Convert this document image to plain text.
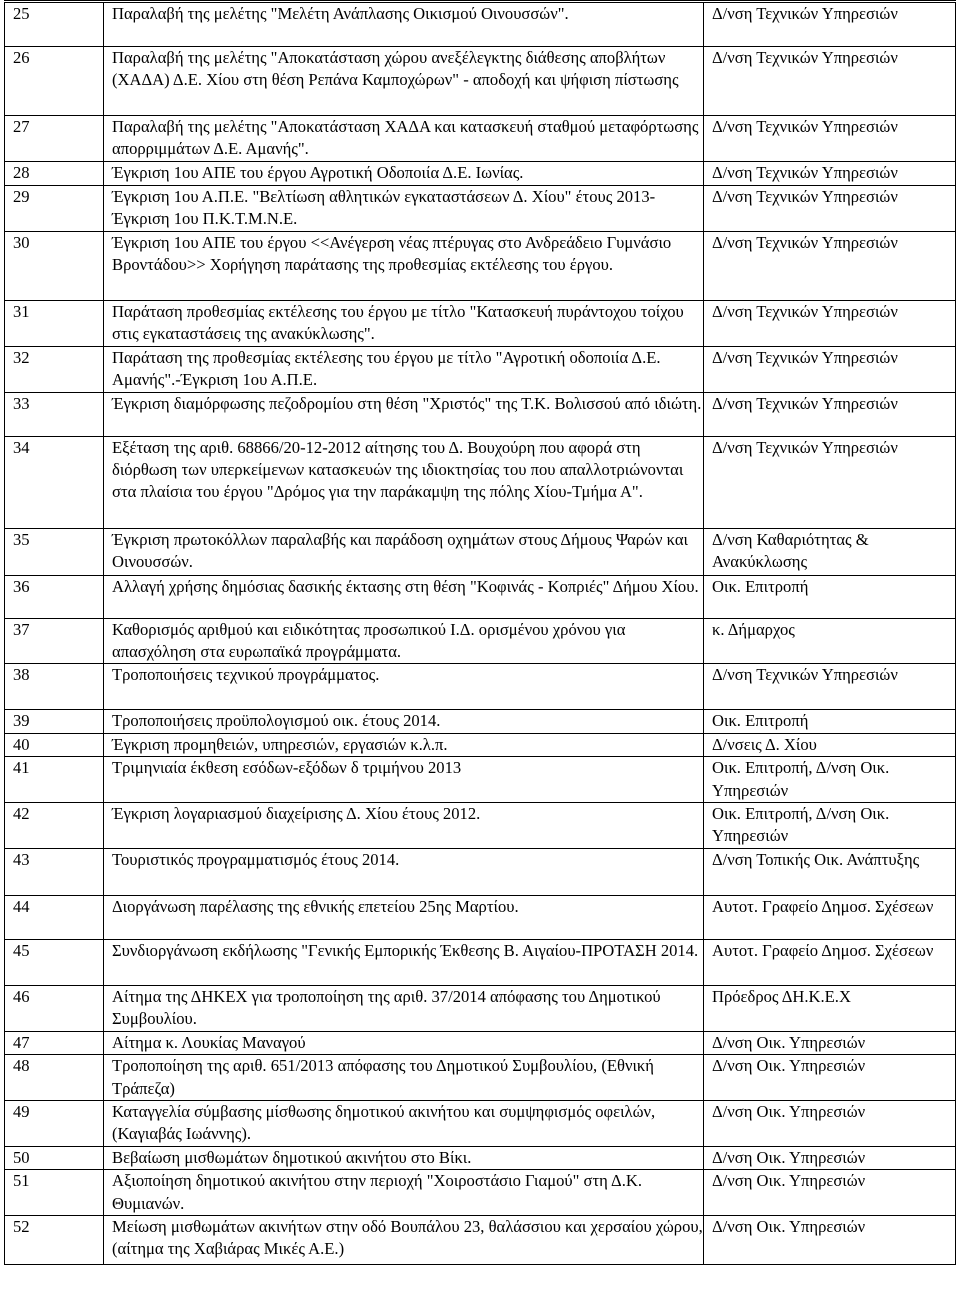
25	Παραλαβή της μελέτης "Μελέτη Ανάπλασης Οικισμού Οινουσσών".	Δ/νση Τεχνικών Υπηρεσιών
26	Παραλαβή της μελέτης "Αποκατάσταση χώρου ανεξέλεγκτης διάθεσης αποβλήτων (ΧΑΔΑ) Δ.Ε. Χίου στη θέση Ρεπάνα Καμποχώρων" - αποδοχή και ψήφιση πίστωσης	Δ/νση Τεχνικών Υπηρεσιών
27	Παραλαβή της μελέτης "Αποκατάσταση ΧΑΔΑ και κατασκευή σταθμού μεταφόρτωσης απορριμμάτων Δ.Ε. Αμανής".	Δ/νση Τεχνικών Υπηρεσιών
28	Έγκριση 1ου ΑΠΕ του έργου Αγροτική Οδοποιία Δ.Ε. Ιωνίας.	Δ/νση Τεχνικών Υπηρεσιών
29	Έγκριση 1ου Α.Π.Ε. "Βελτίωση αθλητικών εγκαταστάσεων Δ. Χίου" έτους 2013-Έγκριση 1ου Π.Κ.Τ.Μ.Ν.Ε.	Δ/νση Τεχνικών Υπηρεσιών
30	Έγκριση 1ου ΑΠΕ του έργου <<Ανέγερση νέας πτέρυγας στο Ανδρεάδειο Γυμνάσιο Βροντάδου>> Χορήγηση παράτασης της προθεσμίας εκτέλεσης του έργου.	Δ/νση Τεχνικών Υπηρεσιών
31	Παράταση προθεσμίας εκτέλεσης του έργου με τίτλο "Κατασκευή πυράντοχου τοίχου στις εγκαταστάσεις της ανακύκλωσης".	Δ/νση Τεχνικών Υπηρεσιών
32	Παράταση της προθεσμίας εκτέλεσης του έργου με τίτλο "Αγροτική οδοποιία Δ.Ε. Αμανής".-Έγκριση 1ου Α.Π.Ε.	Δ/νση Τεχνικών Υπηρεσιών
33	Έγκριση διαμόρφωσης πεζοδρομίου στη θέση "Χριστός" της Τ.Κ. Βολισσού από ιδιώτη.	Δ/νση Τεχνικών Υπηρεσιών
34	Εξέταση της αριθ. 68866/20-12-2012 αίτησης του Δ. Βουχούρη που αφορά στη διόρθωση των υπερκείμενων κατασκευών της ιδιοκτησίας του που απαλλοτριώνονται στα πλαίσια του έργου "Δρόμος για την παράκαμψη της πόλης Χίου-Τμήμα Α".	Δ/νση Τεχνικών Υπηρεσιών
35	Έγκριση πρωτοκόλλων παραλαβής και παράδοση οχημάτων στους Δήμους Ψαρών και Οινουσσών.	Δ/νση Καθαριότητας & Ανακύκλωσης
36	Αλλαγή χρήσης δημόσιας δασικής έκτασης στη θέση "Κοφινάς - Κοπριές" Δήμου Χίου.	Οικ. Επιτροπή
37	Καθορισμός αριθμού και ειδικότητας προσωπικού Ι.Δ. ορισμένου χρόνου για απασχόληση στα ευρωπαϊκά προγράμματα.	κ. Δήμαρχος
38	Τροποποιήσεις τεχνικού προγράμματος.	Δ/νση Τεχνικών Υπηρεσιών
39	Τροποποιήσεις προϋπολογισμού οικ. έτους 2014.	Οικ. Επιτροπή
40	Έγκριση προμηθειών, υπηρεσιών, εργασιών κ.λ.π.	Δ/νσεις Δ. Χίου
41	Τριμηνιαία έκθεση εσόδων-εξόδων δ τριμήνου 2013	Οικ. Επιτροπή, Δ/νση Οικ. Υπηρεσιών
42	Έγκριση λογαριασμού διαχείρισης Δ. Χίου έτους 2012.	Οικ. Επιτροπή, Δ/νση Οικ. Υπηρεσιών
43	Τουριστικός προγραμματισμός έτους 2014.	Δ/νση Τοπικής Οικ. Ανάπτυξης
44	Διοργάνωση παρέλασης της εθνικής επετείου 25ης Μαρτίου.	Αυτοτ. Γραφείο Δημοσ. Σχέσεων
45	Συνδιοργάνωση εκδήλωσης "Γενικής Εμπορικής Έκθεσης Β. Αιγαίου-ΠΡΟΤΑΣΗ 2014.	Αυτοτ. Γραφείο Δημοσ. Σχέσεων
46	Αίτημα της ΔΗΚΕΧ για τροποποίηση της αριθ. 37/2014 απόφασης του Δημοτικού Συμβουλίου.	Πρόεδρος ΔΗ.Κ.Ε.Χ
47	Αίτημα κ. Λουκίας Μαναγού	Δ/νση Οικ. Υπηρεσιών
48	Τροποποίηση της αριθ. 651/2013 απόφασης του Δημοτικού Συμβουλίου, (Εθνική Τράπεζα)	Δ/νση Οικ. Υπηρεσιών
49	Καταγγελία σύμβασης μίσθωσης δημοτικού ακινήτου και συμψηφισμός οφειλών, (Καγιαβάς Ιωάννης).	Δ/νση Οικ. Υπηρεσιών
50	Βεβαίωση μισθωμάτων δημοτικού ακινήτου στο Βίκι.	Δ/νση Οικ. Υπηρεσιών
51	Αξιοποίηση δημοτικού ακινήτου στην περιοχή "Χοιροστάσιο Γιαμού" στη Δ.Κ. Θυμιανών.	Δ/νση Οικ. Υπηρεσιών
52	Μείωση μισθωμάτων ακινήτων στην οδό Βουπάλου 23, θαλάσσιου και χερσαίου χώρου, (αίτημα της Χαβιάρας Μικές Α.Ε.)	Δ/νση Οικ. Υπηρεσιών
